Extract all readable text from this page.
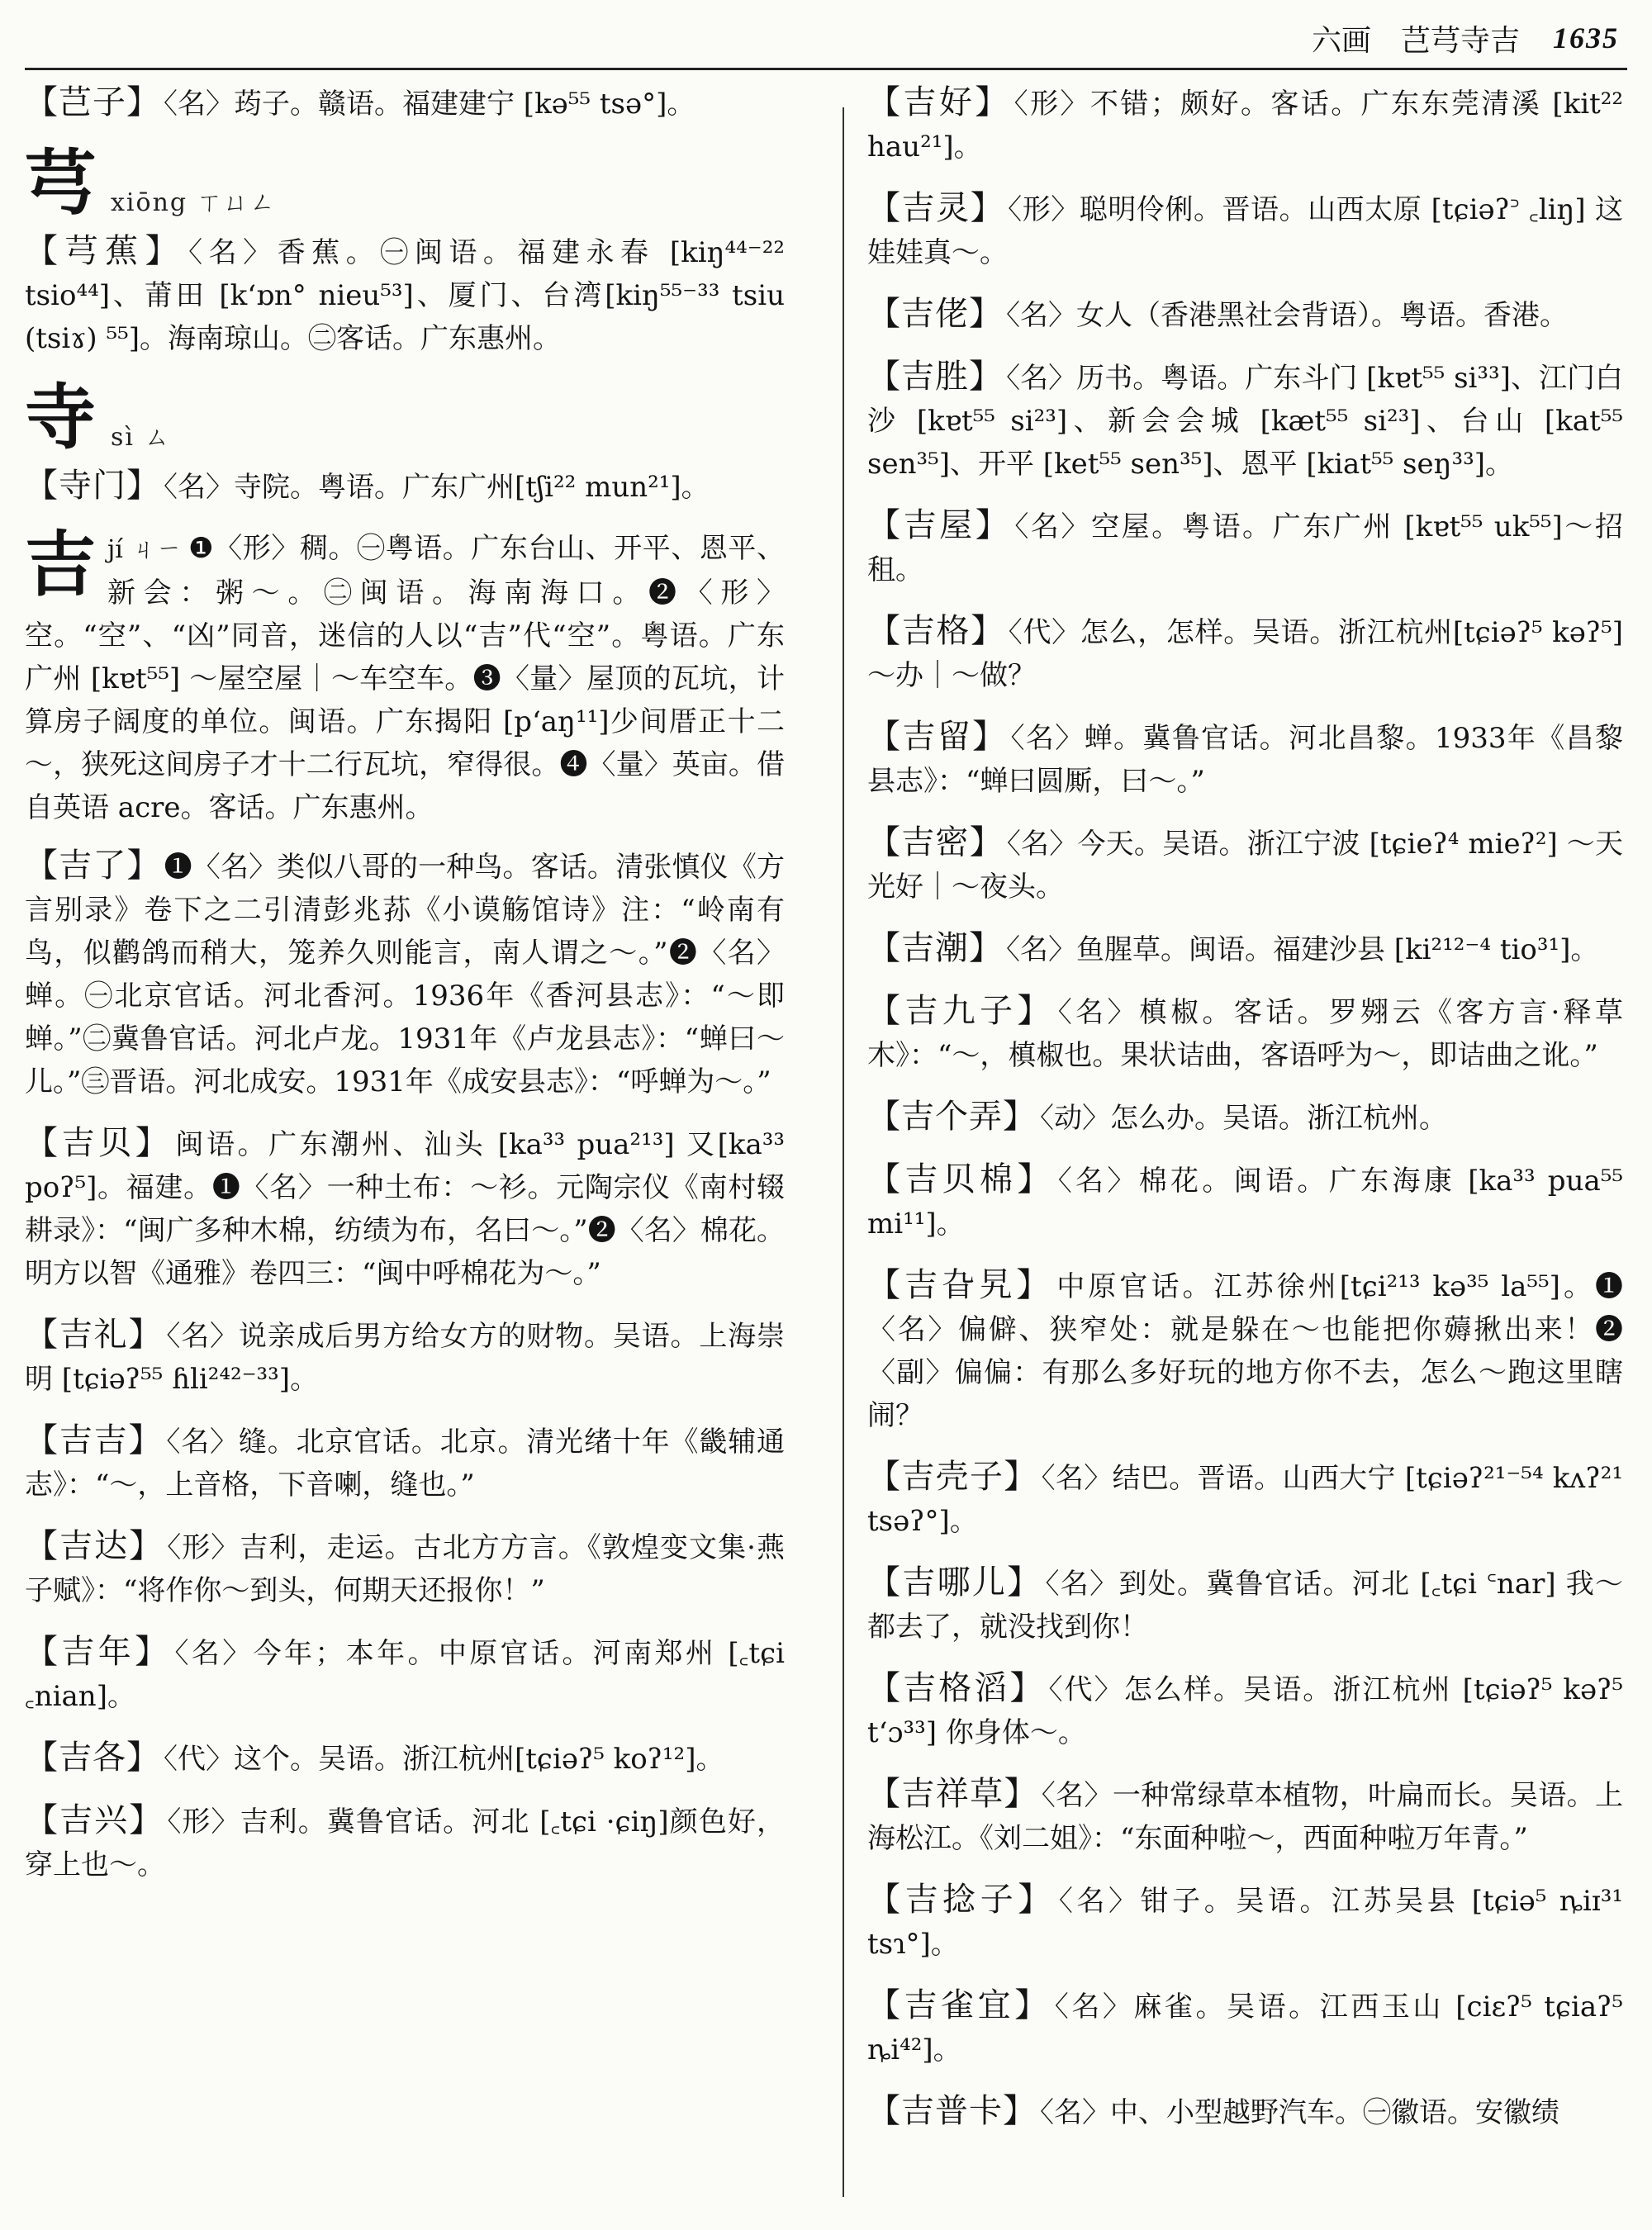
六画　芑芎寺吉 1635
【芑子】 〈名〉荺子。赣语。福建建宁 [kə⁵⁵ tsə°]。
芎 xiōng ㄒㄩㄥ
【芎蕉】 〈名〉香蕉。㊀闽语。福建永春 [kiŋ⁴⁴⁻²² tsio⁴⁴]、莆田 [kʻɒn° nieu⁵³]、厦门、台湾[kiŋ⁵⁵⁻³³ tsiu (tsiɤ) ⁵⁵]。海南琼山。㊁客话。广东惠州。
寺 sì ㄙ
【寺门】 〈名〉寺院。粤语。广东广州[tʃi²² mun²¹]。
吉 jí ㄐㄧ ❶〈形〉稠。㊀粤语。广东台山、开平、恩平、新会：粥～。㊁闽语。海南海口。❷〈形〉空。“空”、“凶”同音，迷信的人以“吉”代“空”。粤语。广东广州 [kɐt⁵⁵] ～屋空屋｜～车空车。❸〈量〉屋顶的瓦坑，计算房子阔度的单位。闽语。广东揭阳 [pʻaŋ¹¹]少间厝正十二～，狭死这间房子才十二行瓦坑，窄得很。❹〈量〉英亩。借自英语 acre。客话。广东惠州。
【吉了】 ❶〈名〉类似八哥的一种鸟。客话。清张慎仪《方言别录》卷下之二引清彭兆荪《小谟觞馆诗》注：“岭南有鸟，似鹳鸽而稍大，笼养久则能言，南人谓之～。”❷〈名〉蝉。㊀北京官话。河北香河。1936年《香河县志》：“～即蝉。”㊁冀鲁官话。河北卢龙。1931年《卢龙县志》：“蝉曰～儿。”㊂晋语。河北成安。1931年《成安县志》：“呼蝉为～。”
【吉贝】 闽语。广东潮州、汕头 [ka³³ pua²¹³] 又[ka³³ poʔ⁵]。福建。❶〈名〉一种土布：～衫。元陶宗仪《南村辍耕录》：“闽广多种木棉，纺绩为布，名曰～。”❷〈名〉棉花。明方以智《通雅》卷四三：“闽中呼棉花为～。”
【吉礼】 〈名〉说亲成后男方给女方的财物。吴语。上海崇明 [tɕiəʔ⁵⁵ ɦli²⁴²⁻³³]。
【吉吉】 〈名〉缝。北京官话。北京。清光绪十年《畿辅通志》：“～，上音格，下音喇，缝也。”
【吉达】 〈形〉吉利，走运。古北方方言。《敦煌变文集·燕子赋》：“将作你～到头，何期天还报你！”
【吉年】 〈名〉今年；本年。中原官话。河南郑州 [꜀tɕi ꜀nian]。
【吉各】 〈代〉这个。吴语。浙江杭州[tɕiəʔ⁵ koʔ¹²]。
【吉兴】 〈形〉吉利。冀鲁官话。河北 [꜀tɕi ·ɕiŋ]颜色好，穿上也～。
【吉好】 〈形〉不错；颇好。客话。广东东莞清溪 [kit²² hau²¹]。
【吉灵】 〈形〉聪明伶俐。晋语。山西太原 [tɕiəʔ꜄ ꜀liŋ] 这娃娃真～。
【吉佬】 〈名〉女人（香港黑社会背语）。粤语。香港。
【吉胜】 〈名〉历书。粤语。广东斗门 [kɐt⁵⁵ si³³]、江门白沙 [kɐt⁵⁵ si²³]、新会会城 [kæt⁵⁵ si²³]、台山 [kat⁵⁵ sen³⁵]、开平 [ket⁵⁵ sen³⁵]、恩平 [kiat⁵⁵ seŋ³³]。
【吉屋】 〈名〉空屋。粤语。广东广州 [kɐt⁵⁵ uk⁵⁵]～招租。
【吉格】 〈代〉怎么，怎样。吴语。浙江杭州[tɕiəʔ⁵ kəʔ⁵] ～办｜～做？
【吉留】 〈名〉蝉。冀鲁官话。河北昌黎。1933年《昌黎县志》：“蝉曰圆厮，曰～。”
【吉密】 〈名〉今天。吴语。浙江宁波 [tɕieʔ⁴ mieʔ²] ～天光好｜～夜头。
【吉潮】 〈名〉鱼腥草。闽语。福建沙县 [ki²¹²⁻⁴ tio³¹]。
【吉九子】 〈名〉槙椒。客话。罗翙云《客方言·释草木》：“～，槙椒也。果状诘曲，客语呼为～，即诘曲之讹。”
【吉个弄】 〈动〉怎么办。吴语。浙江杭州。
【吉贝棉】 〈名〉棉花。闽语。广东海康 [ka³³ pua⁵⁵ mi¹¹]。
【吉旮旯】 中原官话。江苏徐州[tɕi²¹³ kə³⁵ la⁵⁵]。❶〈名〉偏僻、狭窄处：就是躲在～也能把你薅揪出来！❷〈副〉偏偏：有那么多好玩的地方你不去，怎么～跑这里瞎闹？
【吉壳子】 〈名〉结巴。晋语。山西大宁 [tɕiəʔ²¹⁻⁵⁴ kʌʔ²¹ tsəʔ°]。
【吉哪儿】 〈名〉到处。冀鲁官话。河北 [꜀tɕi ꜂nar] 我～都去了，就没找到你！
【吉格滔】 〈代〉怎么样。吴语。浙江杭州 [tɕiəʔ⁵ kəʔ⁵ tʻɔ³³] 你身体～。
【吉祥草】 〈名〉一种常绿草本植物，叶扁而长。吴语。上海松江。《刘二姐》：“东面种啦～，西面种啦万年青。”
【吉捻子】 〈名〉钳子。吴语。江苏吴县 [tɕiə⁵ ȵiɪ³¹ tsɿ°]。
【吉雀宜】 〈名〉麻雀。吴语。江西玉山 [ciɛʔ⁵ tɕiaʔ⁵ ȵi⁴²]。
【吉普卡】 〈名〉中、小型越野汽车。㊀徽语。安徽绩
